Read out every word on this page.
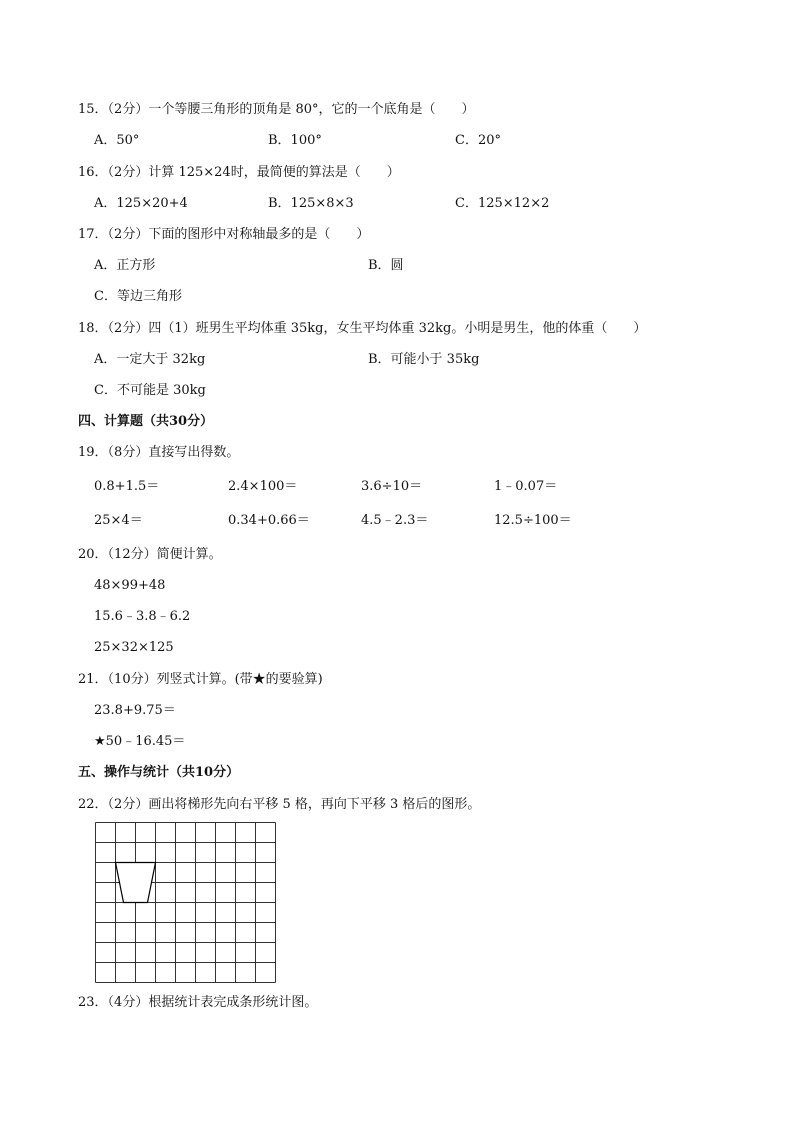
15．（2分）一个等腰三角形的顶角是 80°，它的一个底角是（　　）
A．50°	B．100°	C．20°
16．（2分）计算 125×24时，最简便的算法是（　　）
A．125×20+4	B．125×8×3	C．125×12×2
17．（2分）下面的图形中对称轴最多的是（　　）
A．正方形	B．圆
C．等边三角形
18．（2分）四（1）班男生平均体重 35kg，女生平均体重 32kg。小明是男生，他的体重（　　）
A．一定大于 32kg	B．可能小于 35kg
C．不可能是 30kg
四、计算题（共30分）
19．（8分）直接写出得数。
0.8+1.5＝	2.4×100＝	3.6÷10＝	1﹣0.07＝
25×4＝	0.34+0.66＝	4.5﹣2.3＝	12.5÷100＝
20．（12分）简便计算。
48×99+48
15.6﹣3.8﹣6.2
25×32×125
21．（10分）列竖式计算。(带★的要验算)
23.8+9.75＝
★50﹣16.45＝
五、操作与统计（共10分）
22．（2分）画出将梯形先向右平移 5 格，再向下平移 3 格后的图形。
23．（4分）根据统计表完成条形统计图。
